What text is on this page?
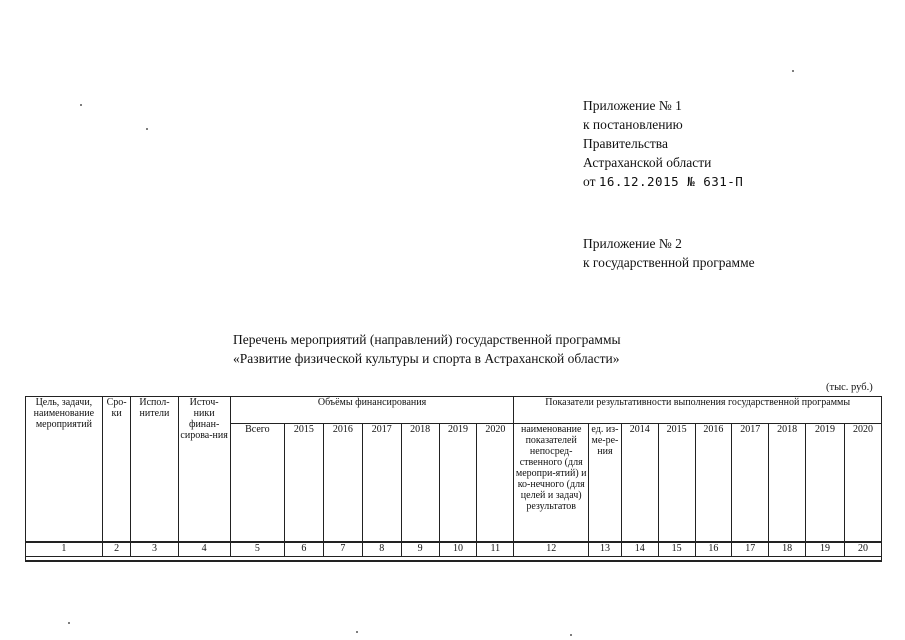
Приложение № 1
к постановлению
Правительства
Астраханской области
от 16.12.2015 № 631-П
Приложение № 2
к государственной программе
Перечень мероприятий (направлений) государственной программы
«Развитие физической культуры и спорта в Астраханской области»
(тыс. руб.)
Цель, задачи, наименование мероприятий	Сро-ки	Испол-нители	Источ-ники финан-сирова-ния	Объёмы финансирования							Показатели результативности выполнения государственной программы								

				Всего	2015	2016	2017	2018	2019	2020	наименование показателей непосред-ственного (для меропри-ятий) и ко-нечного (для целей и задач) результатов	ед. из-ме-ре-ния	2014	2015	2016	2017	2018	2019	2020
1	2	3	4	5	6	7	8	9	10	11	12	13	14	15	16	17	18	19	20
